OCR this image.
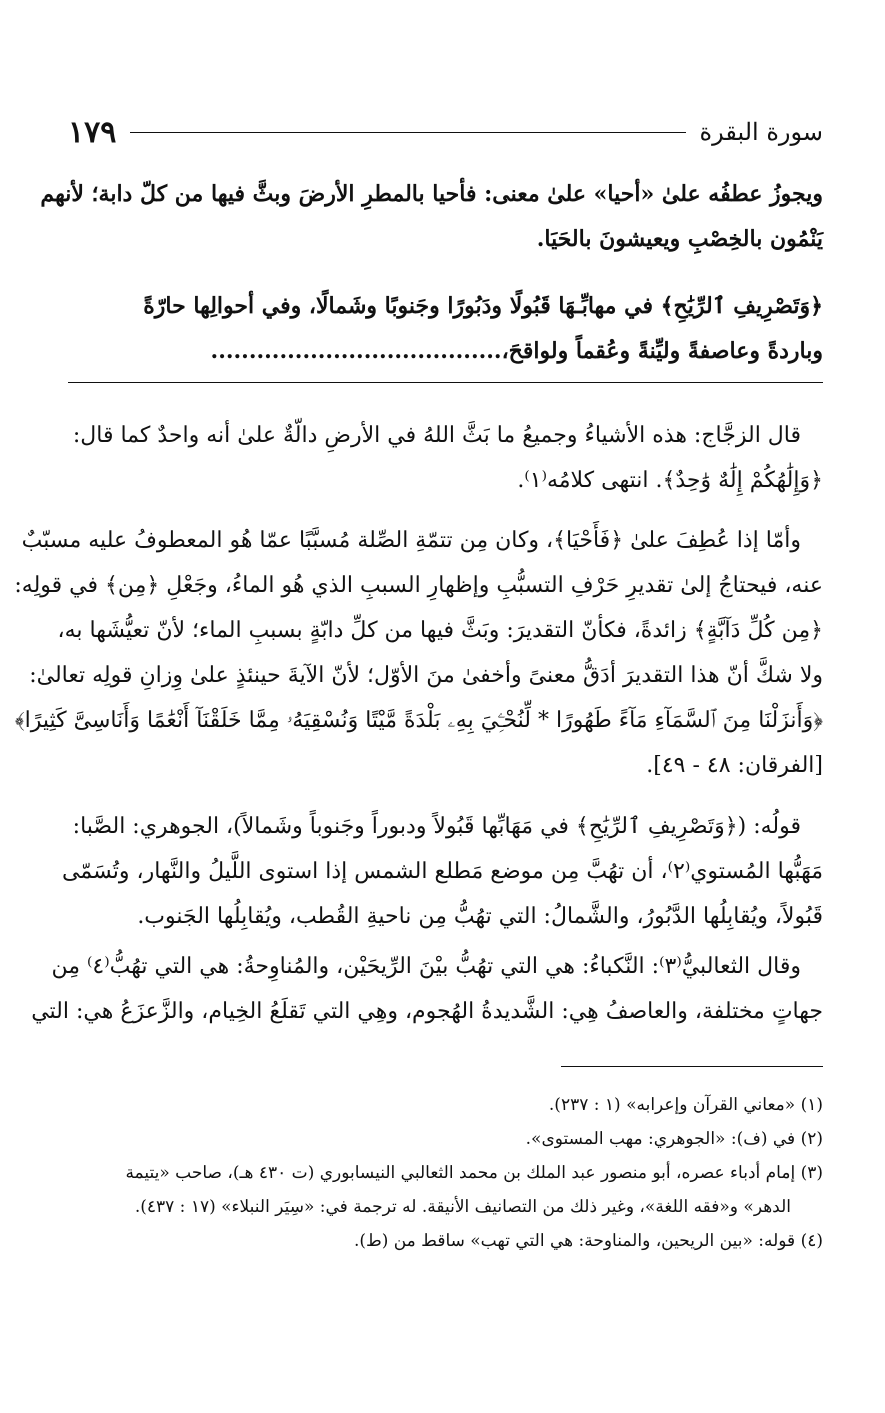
سورة البقرة
١٧٩

ويجوزُ عطفُه علىٰ «أحيا» علىٰ معنى: فأحيا بالمطرِ الأرضَ وبثَّ فيها من كلّ دابة؛ لأنهم

يَنْمُون بالخِصْبِ ويعيشونَ بالحَيَا.

﴿وَتَصْرِيفِ ٱلرِّيَٰحِ﴾ في مهابِّـهَا قَبُولًا ودَبُورًا وجَنوبًا وشَمالًا، وفي أحوالِها حارّةً

وباردةً وعاصفةً وليِّنةً وعُقماً ولواقحَ،......................................

قال الزجَّاج: هذه الأشياءُ وجميعُ ما بَثَّ اللهُ في الأرضِ دالّةٌ علىٰ أنه واحدٌ كما قال:

﴿وَإِلَٰهُكُمْ إِلَٰهٌ وَٰحِدٌ﴾. انتهى كلامُه⁽١⁾.

وأمّا إذا عُطِفَ علىٰ ﴿فَأَحْيَا﴾، وكان مِن تتمّةِ الصِّلة مُسبَّبًا عمّا هُو المعطوفُ عليه مسبّبٌ

عنه، فيحتاجُ إلىٰ تقديرِ حَرْفِ التسبُّبِ وإظهارِ السببِ الذي هُو الماءُ، وجَعْلِ ﴿مِن﴾ في قولِه:

﴿مِن كُلِّ دَآبَّةٍ﴾ زائدةً، فكأنّ التقديرَ: وبَثَّ فيها من كلِّ دابّةٍ بسببِ الماء؛ لأنّ تعيُّشَها به،

ولا شكَّ أنّ هذا التقديرَ أدَقُّ معنىً وأخفىٰ منَ الأوّل؛ لأنّ الآيةَ حينئذٍ علىٰ وِزانِ قولِه تعالىٰ:

﴿وَأَنزَلْنَا مِنَ ٱلسَّمَآءِ مَآءً طَهُورًا * لِّنُحْـِۧيَ بِهِۦ بَلْدَةً مَّيْتًا وَنُسْقِيَهُۥ مِمَّا خَلَقْنَآ أَنْعَٰمًا وَأَنَاسِىَّ كَثِيرًا﴾

[الفرقان: ٤٨ - ٤٩].

قولُه: (﴿وَتَصْرِيفِ ٱلرِّيَٰحِ﴾ في مَهَابِّها قَبُولاً ودبوراً وجَنوباً وشَمالاً)، الجوهري: الصَّبا:

مَهَبُّها المُستوي⁽٢⁾، أن تهُبَّ مِن موضع مَطلع الشمس إذا استوى اللَّيلُ والنَّهار، وتُسَمّى

قَبُولاً، ويُقابِلُها الدَّبُورُ، والشَّمالُ: التي تهُبُّ مِن ناحيةِ القُطب، ويُقابِلُها الجَنوب.

وقال الثعالبيُّ⁽٣⁾: النَّكباءُ: هي التي تهُبُّ بيْنَ الرِّيحَيْن، والمُناوِحةُ: هي التي تهُبُّ⁽٤⁾ مِن

جهاتٍ مختلفة، والعاصفُ هِي: الشَّديدةُ الهُجوم، وهِي التي تَقلَعُ الخِيام، والزَّعزَعُ هي: التي

(١) «معاني القرآن وإعرابه» (١ : ٢٣٧).

(٢) في (ف): «الجوهري: مهب المستوى».

(٣) إمام أدباء عصره، أبو منصور عبد الملك بن محمد الثعالبي النيسابوري (ت ٤٣٠ هـ)، صاحب «يتيمة

الدهر» و«فقه اللغة»، وغير ذلك من التصانيف الأنيقة. له ترجمة في: «سِيَر النبلاء» (١٧ : ٤٣٧).

(٤) قوله: «بين الريحين، والمناوحة: هي التي تهب» ساقط من (ط).
